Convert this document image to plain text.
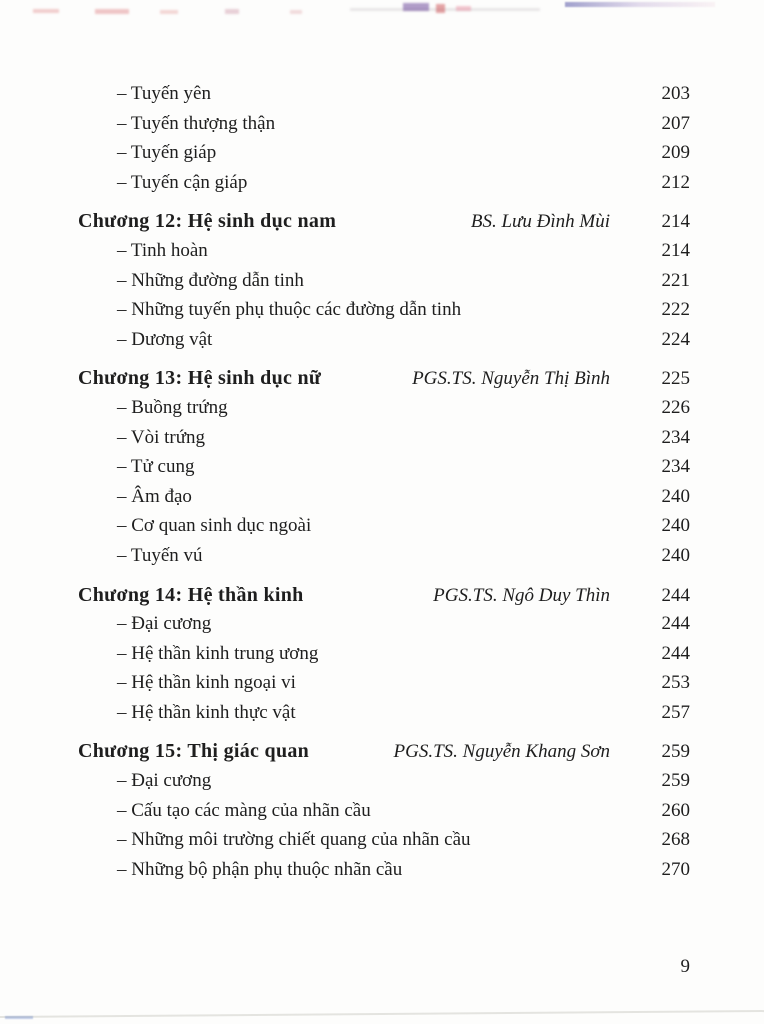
– Tuyến yên	203
– Tuyến thượng thận	207
– Tuyến giáp	209
– Tuyến cận giáp	212
Chương 12: Hệ sinh dục nam	BS. Lưu Đình Mùi	214
– Tinh hoàn	214
– Những đường dẫn tinh	221
– Những tuyến phụ thuộc các đường dẫn tinh	222
– Dương vật	224
Chương 13: Hệ sinh dục nữ	PGS.TS. Nguyễn Thị Bình	225
– Buồng trứng	226
– Vòi trứng	234
– Tử cung	234
– Âm đạo	240
– Cơ quan sinh dục ngoài	240
– Tuyến vú	240
Chương 14: Hệ thần kinh	PGS.TS. Ngô Duy Thìn	244
– Đại cương	244
– Hệ thần kinh trung ương	244
– Hệ thần kinh ngoại vi	253
– Hệ thần kinh thực vật	257
Chương 15: Thị giác quan	PGS.TS. Nguyễn Khang Sơn	259
– Đại cương	259
– Cấu tạo các màng của nhãn cầu	260
– Những môi trường chiết quang của nhãn cầu	268
– Những bộ phận phụ thuộc nhãn cầu	270
9
